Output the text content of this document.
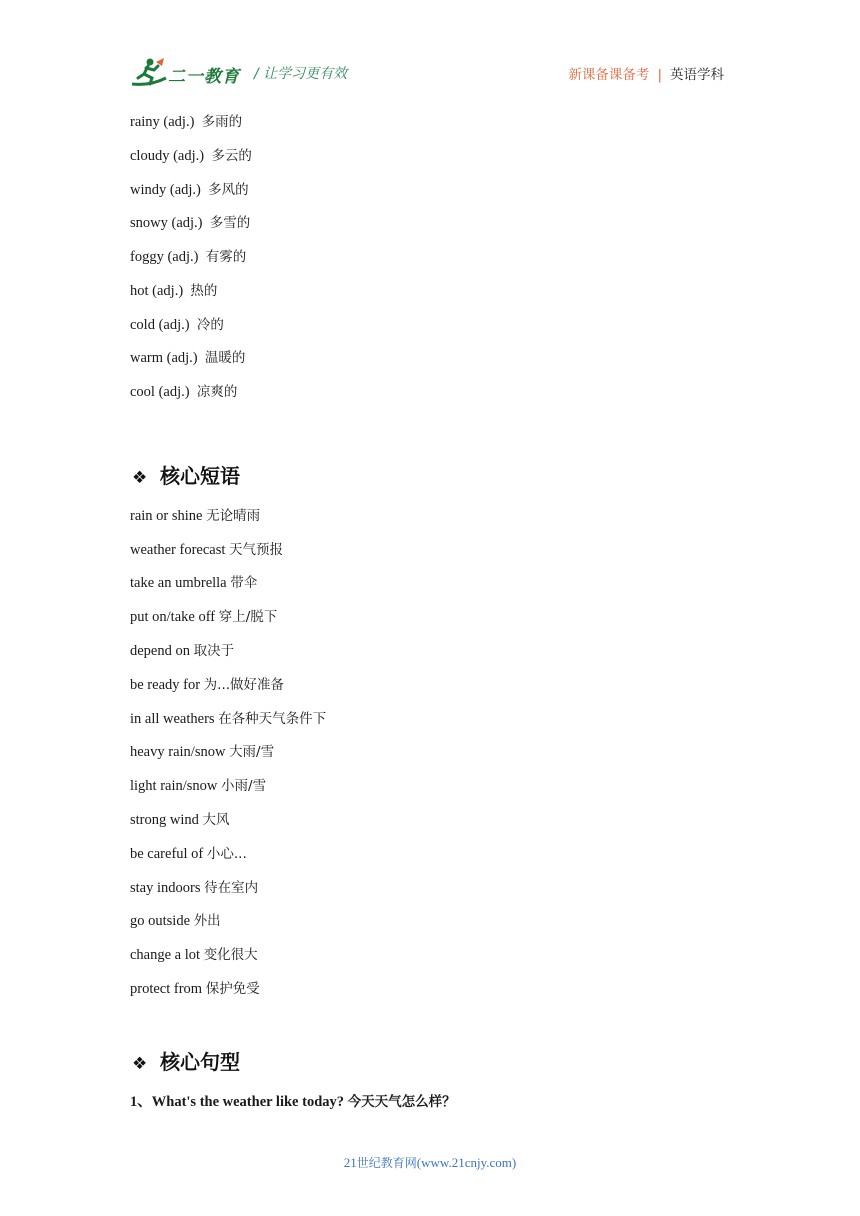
二一教育 / 让学习更有效	新课备课备考 | 英语学科
rainy (adj.) 多雨的
cloudy (adj.) 多云的
windy (adj.) 多风的
snowy (adj.) 多雪的
foggy (adj.) 有雾的
hot (adj.) 热的
cold (adj.) 冷的
warm (adj.) 温暖的
cool (adj.) 凉爽的
❖ 核心短语
rain or shine 无论晴雨
weather forecast 天气预报
take an umbrella 带伞
put on/take off 穿上/脱下
depend on 取决于
be ready for 为...做好准备
in all weathers 在各种天气条件下
heavy rain/snow 大雨/雪
light rain/snow 小雨/雪
strong wind 大风
be careful of 小心...
stay indoors 待在室内
go outside 外出
change a lot 变化很大
protect from 保护免受
❖ 核心句型
1、What's the weather like today? 今天天气怎么样？
21世纪教育网(www.21cnjy.com)
